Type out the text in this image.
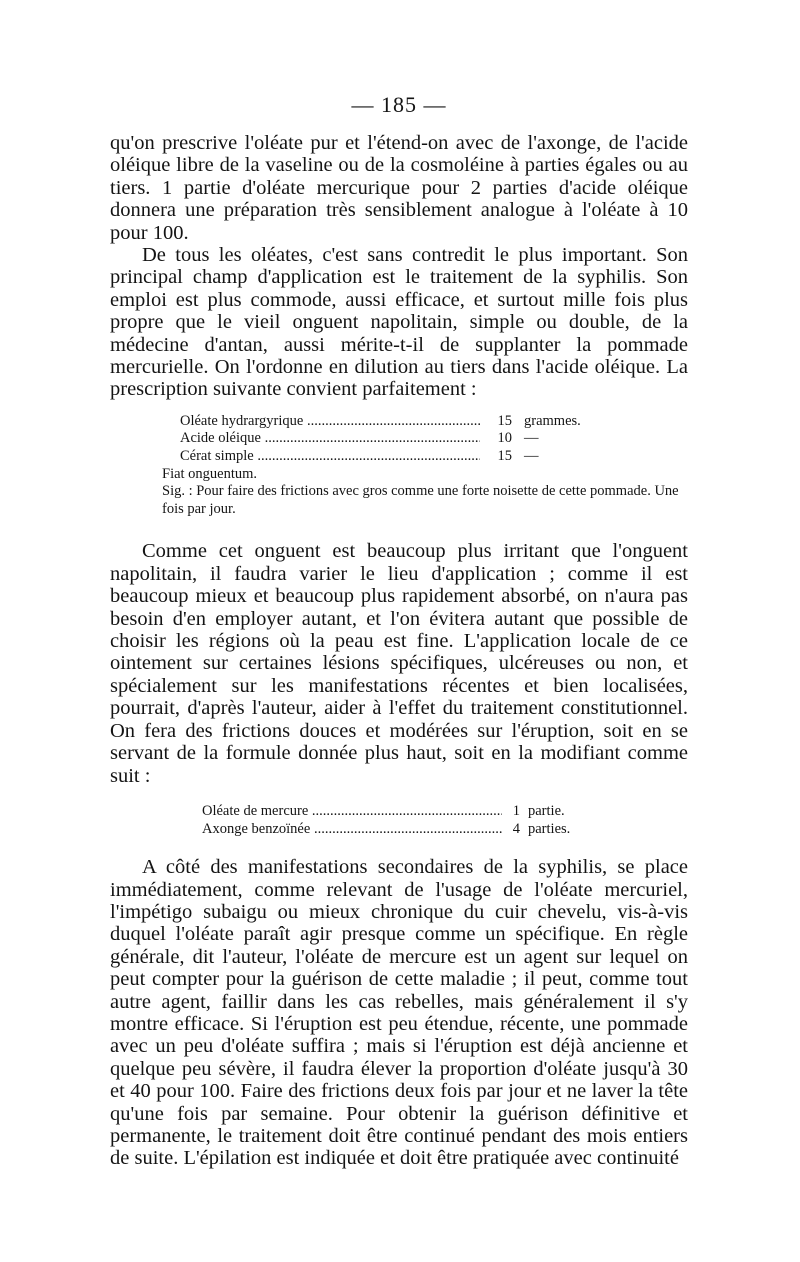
— 185 —

qu'on prescrive l'oléate pur et l'étend-on avec de l'axonge, de l'acide oléique libre de la vaseline ou de la cosmoléine à parties égales ou au tiers. 1 partie d'oléate mercurique pour 2 parties d'acide oléique donnera une préparation très sensiblement analogue à l'oléate à 10 pour 100.

De tous les oléates, c'est sans contredit le plus important. Son principal champ d'application est le traitement de la syphilis. Son emploi est plus commode, aussi efficace, et surtout mille fois plus propre que le vieil onguent napolitain, simple ou double, de la médecine d'antan, aussi mérite-t-il de supplanter la pommade mercurielle. On l'ordonne en dilution au tiers dans l'acide oléique. La prescription suivante convient parfaitement :

Oléate hydrargyrique .....	15 grammes.
Acide oléique .....	10 —
Cérat simple .....	15 —

Fiat onguentum.

Sig. : Pour faire des frictions avec gros comme une forte noisette de cette pommade. Une fois par jour.

Comme cet onguent est beaucoup plus irritant que l'onguent napolitain, il faudra varier le lieu d'application ; comme il est beaucoup mieux et beaucoup plus rapidement absorbé, on n'aura pas besoin d'en employer autant, et l'on évitera autant que possible de choisir les régions où la peau est fine. L'application locale de ce ointement sur certaines lésions spécifiques, ulcéreuses ou non, et spécialement sur les manifestations récentes et bien localisées, pourrait, d'après l'auteur, aider à l'effet du traitement constitutionnel. On fera des frictions douces et modérées sur l'éruption, soit en se servant de la formule donnée plus haut, soit en la modifiant comme suit :

Oléate de mercure .....	1 partie.
Axonge benzoïnée .....	4 parties.

A côté des manifestations secondaires de la syphilis, se place immédiatement, comme relevant de l'usage de l'oléate mercuriel, l'impétigo subaigu ou mieux chronique du cuir chevelu, vis-à-vis duquel l'oléate paraît agir presque comme un spécifique. En règle générale, dit l'auteur, l'oléate de mercure est un agent sur lequel on peut compter pour la guérison de cette maladie ; il peut, comme tout autre agent, faillir dans les cas rebelles, mais généralement il s'y montre efficace. Si l'éruption est peu étendue, récente, une pommade avec un peu d'oléate suffira ; mais si l'éruption est déjà ancienne et quelque peu sévère, il faudra élever la proportion d'oléate jusqu'à 30 et 40 pour 100. Faire des frictions deux fois par jour et ne laver la tête qu'une fois par semaine. Pour obtenir la guérison définitive et permanente, le traitement doit être continué pendant des mois entiers de suite. L'épilation est indiquée et doit être pratiquée avec continuité
